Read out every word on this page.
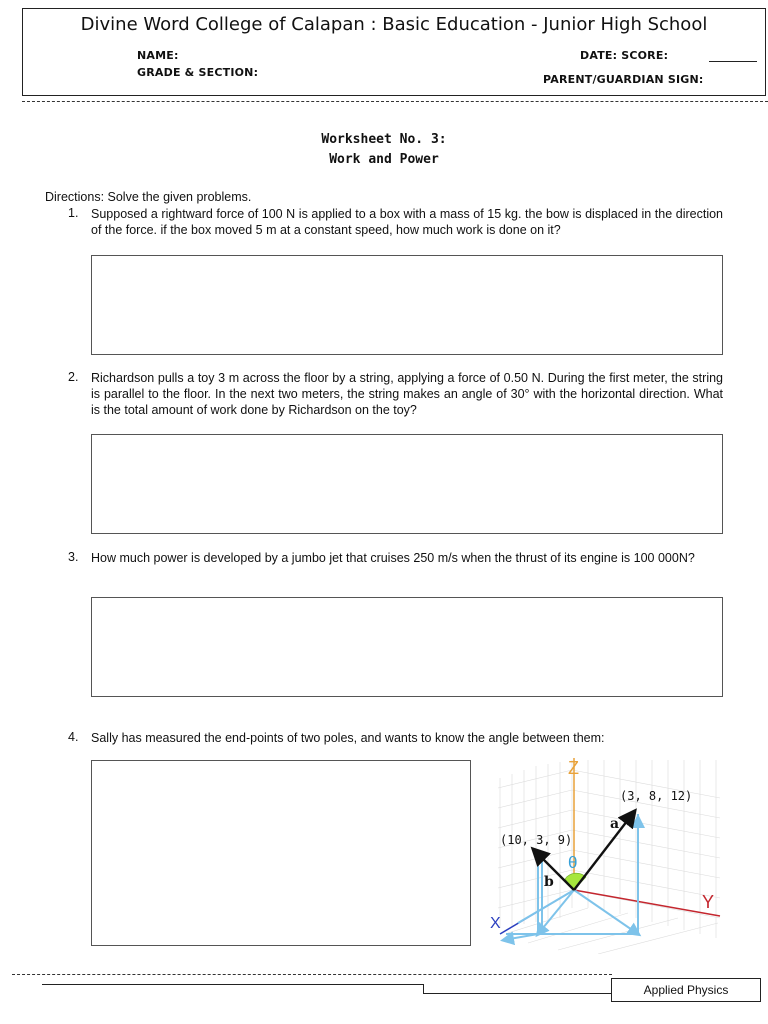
Divine Word College of Calapan : Basic Education - Junior High School
NAME:
GRADE & SECTION:
DATE: SCORE:
PARENT/GUARDIAN SIGN:
Worksheet No. 3:
Work and Power
Directions: Solve the given problems.
1. Supposed a rightward force of 100 N is applied to a box with a mass of 15 kg. the bow is displaced in the direction of the force. if the box moved 5 m at a constant speed, how much work is done on it?
2. Richardson pulls a toy 3 m across the floor by a string, applying a force of 0.50 N. During the first meter, the string is parallel to the floor. In the next two meters, the string makes an angle of 30° with the horizontal direction. What is the total amount of work done by Richardson on the toy?
3. How much power is developed by a jumbo jet that cruises 250 m/s when the thrust of its engine is 100 000N?
4. Sally has measured the end-points of two poles, and wants to know the angle between them:
Z
Y
X
(3, 8, 12)
(10, 3, 9)
a
b
θ
Applied Physics
